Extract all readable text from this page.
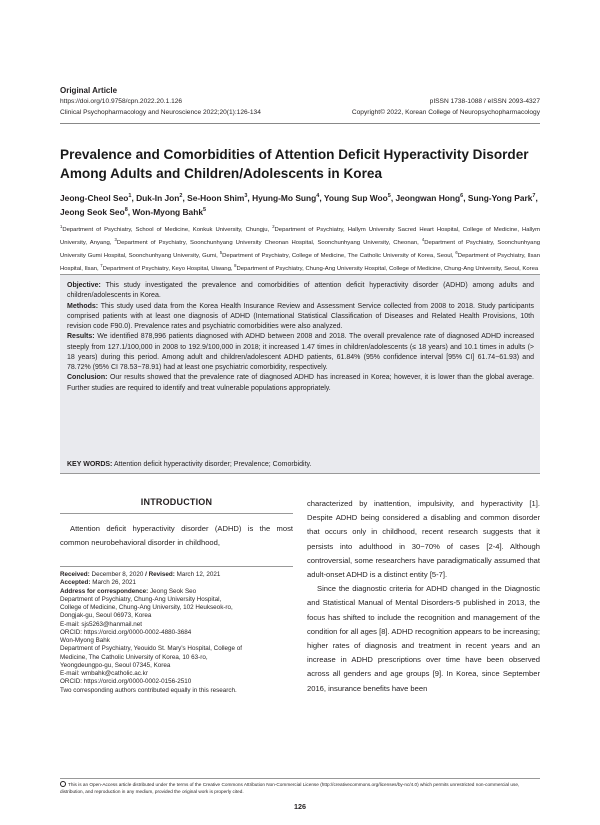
Original Article
https://doi.org/10.9758/cpn.2022.20.1.126
Clinical Psychopharmacology and Neuroscience 2022;20(1):126-134
pISSN 1738-1088 / eISSN 2093-4327
Copyright© 2022, Korean College of Neuropsychopharmacology
Prevalence and Comorbidities of Attention Deficit Hyperactivity Disorder Among Adults and Children/Adolescents in Korea
Jeong-Cheol Seo$^1$, Duk-In Jon$^2$, Se-Hoon Shim$^3$, Hyung-Mo Sung$^4$, Young Sup Woo$^5$, Jeongwan Hong$^6$, Sung-Yong Park$^7$, Jeong Seok Seo$^8$, Won-Myong Bahk$^5$
$^1$Department of Psychiatry, School of Medicine, Konkuk University, Chungju, $^2$Department of Psychiatry, Hallym University Sacred Heart Hospital, College of Medicine, Hallym University, Anyang, $^3$Department of Psychiatry, Soonchunhyang University Cheonan Hospital, Soonchunhyang University, Cheonan, $^4$Department of Psychiatry, Soonchunhyang University Gumi Hospital, Soonchunhyang University, Gumi, $^5$Department of Psychiatry, College of Medicine, The Catholic University of Korea, Seoul, $^6$Department of Psychiatry, Ilsan Hospital, Ilsan, $^7$Department of Psychiatry, Keyo Hospital, Uiwang, $^8$Department of Psychiatry, Chung-Ang University Hospital, College of Medicine, Chung-Ang University, Seoul, Korea

Objective: This study investigated the prevalence and comorbidities of attention deficit hyperactivity disorder (ADHD) among adults and children/adolescents in Korea.

Methods: This study used data from the Korea Health Insurance Review and Assessment Service collected from 2008 to 2018. Study participants comprised patients with at least one diagnosis of ADHD (International Statistical Classification of Diseases and Related Health Provisions, 10th revision code F90.0). Prevalence rates and psychiatric comorbidities were also analyzed.

Results: We identified 878,996 patients diagnosed with ADHD between 2008 and 2018. The overall prevalence rate of diagnosed ADHD increased steeply from 127.1/100,000 in 2008 to 192.9/100,000 in 2018; it increased 1.47 times in children/adolescents (≤ 18 years) and 10.1 times in adults (> 18 years) during this period. Among adult and children/adolescent ADHD patients, 61.84% (95% confidence interval [95% CI] 61.74−61.93) and 78.72% (95% CI 78.53−78.91) had at least one psychiatric comorbidity, respectively.

Conclusion: Our results showed that the prevalence rate of diagnosed ADHD has increased in Korea; however, it is lower than the global average. Further studies are required to identify and treat vulnerable populations appropriately.

KEY WORDS: Attention deficit hyperactivity disorder; Prevalence; Comorbidity.
INTRODUCTION
Attention deficit hyperactivity disorder (ADHD) is the most common neurobehavioral disorder in childhood,
Received: December 8, 2020 / Revised: March 12, 2021
Accepted: March 26, 2021
Address for correspondence: Jeong Seok Seo
Department of Psychiatry, Chung-Ang University Hospital,
College of Medicine, Chung-Ang University, 102 Heukseok-ro,
Dongjak-gu, Seoul 06973, Korea
E-mail: sjs5263@hanmail.net
ORCID: https://orcid.org/0000-0002-4880-3684
Won-Myong Bahk
Department of Psychiatry, Yeouido St. Mary's Hospital, College of
Medicine, The Catholic University of Korea, 10 63-ro,
Yeongdeungpo-gu, Seoul 07345, Korea
E-mail: wmbahk@catholic.ac.kr
ORCID: https://orcid.org/0000-0002-0156-2510
Two corresponding authors contributed equally in this research.

characterized by inattention, impulsivity, and hyperactivity [1]. Despite ADHD being considered a disabling and common disorder that occurs only in childhood, recent research suggests that it persists into adulthood in 30−70% of cases [2-4]. Although controversial, some researchers have paradigmatically assumed that adult-onset ADHD is a distinct entity [5-7].

Since the diagnostic criteria for ADHD changed in the Diagnostic and Statistical Manual of Mental Disorders-5 published in 2013, the focus has shifted to include the recognition and management of the condition for all ages [8]. ADHD recognition appears to be increasing; higher rates of diagnosis and treatment in recent years and an increase in ADHD prescriptions over time have been observed across all genders and age groups [9]. In Korea, since September 2016, insurance benefits have been

This is an Open-Access article distributed under the terms of the Creative Commons Attribution Non-Commercial License (http://creativecommons.org/licenses/by-nc/4.0) which permits unrestricted non-commercial use, distribution, and reproduction in any medium, provided the original work is properly cited.
126
